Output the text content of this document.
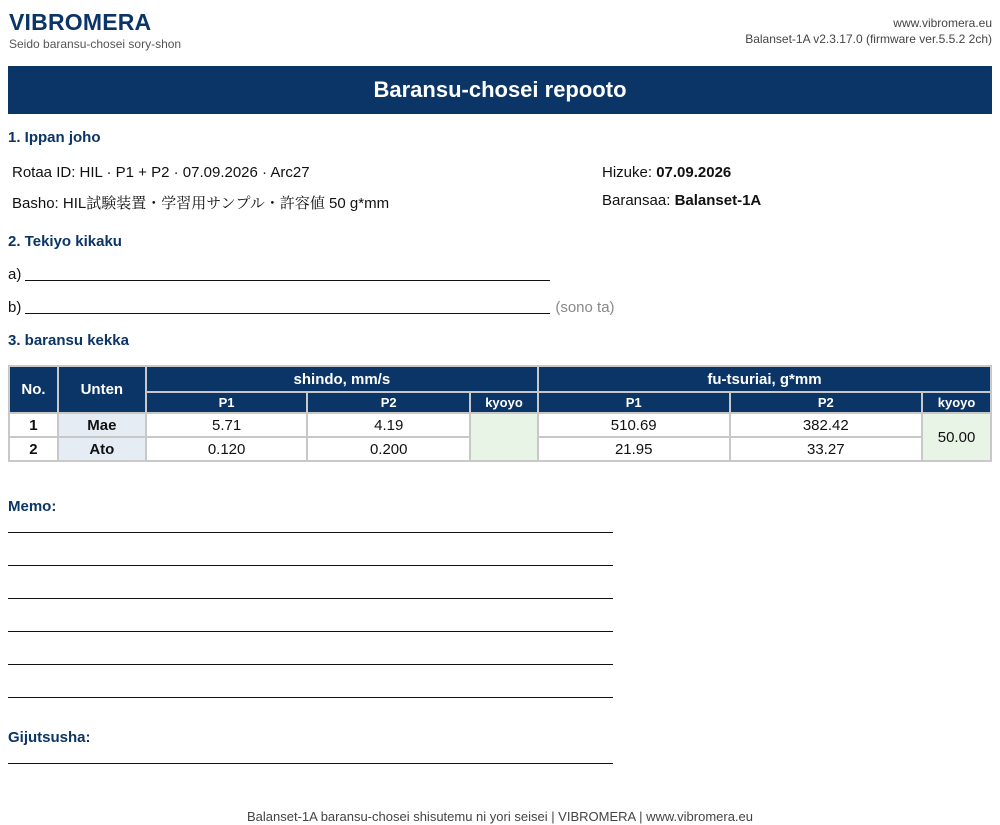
VIBROMERA
Seido baransu-chosei sory-shon
www.vibromera.eu
Balanset-1A v2.3.17.0 (firmware ver.5.5.2 2ch)
Baransu-chosei repooto
1. Ippan joho
Rotaa ID: HIL · P1 + P2 · 07.09.2026 · Arc27
Basho: HIL試験装置・学習用サンプル・許容値 50 g*mm
Hizuke: 07.09.2026
Baransaa: Balanset-1A
2. Tekiyo kikaku
a)
b)	(sono ta)
3. baransu kekka
No.	Unten	shindo, mm/s			fu-tsuriai, g*mm		
		P1	P2	kyoyo	P1	P2	kyoyo
1	Mae	5.71	4.19		510.69	382.42	50.00
2	Ato	0.120	0.200		21.95	33.27	
Memo:
Gijutsusha:
Balanset-1A baransu-chosei shisutemu ni yori seisei | VIBROMERA | www.vibromera.eu
